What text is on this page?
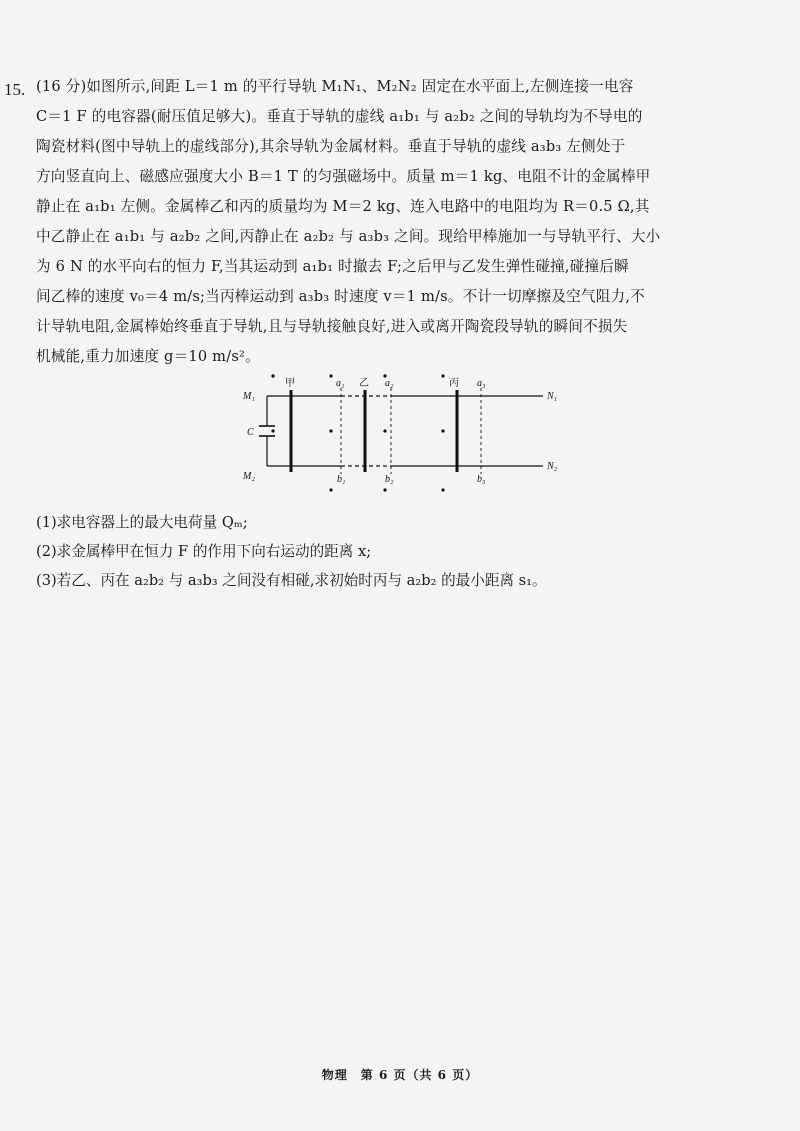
15. (16 分)如图所示,间距 L＝1 m 的平行导轨 M₁N₁、M₂N₂ 固定在水平面上,左侧连接一电容
C＝1 F 的电容器(耐压值足够大)。垂直于导轨的虚线 a₁b₁ 与 a₂b₂ 之间的导轨均为不导电的
陶瓷材料(图中导轨上的虚线部分),其余导轨为金属材料。垂直于导轨的虚线 a₃b₃ 左侧处于
方向竖直向上、磁感应强度大小 B＝1 T 的匀强磁场中。质量 m＝1 kg、电阻不计的金属棒甲
静止在 a₁b₁ 左侧。金属棒乙和丙的质量均为 M＝2 kg、连入电路中的电阻均为 R＝0.5 Ω,其
中乙静止在 a₁b₁ 与 a₂b₂ 之间,丙静止在 a₂b₂ 与 a₃b₃ 之间。现给甲棒施加一与导轨平行、大小
为 6 N 的水平向右的恒力 F,当其运动到 a₁b₁ 时撤去 F;之后甲与乙发生弹性碰撞,碰撞后瞬
间乙棒的速度 v₀＝4 m/s;当丙棒运动到 a₃b₃ 时速度 v＝1 m/s。不计一切摩擦及空气阻力,不
计导轨电阻,金属棒始终垂直于导轨,且与导轨接触良好,进入或离开陶瓷段导轨的瞬间不损失
机械能,重力加速度 g＝10 m/s²。
M₁
M₂
N₁
N₂
C
甲	乙	丙
a₁	a₂	a₃
b₁	b₂	b₃
(1)求电容器上的最大电荷量 Qₘ;
(2)求金属棒甲在恒力 F 的作用下向右运动的距离 x;
(3)若乙、丙在 a₂b₂ 与 a₃b₃ 之间没有相碰,求初始时丙与 a₂b₂ 的最小距离 s₁。
物理　第 6 页（共 6 页）
